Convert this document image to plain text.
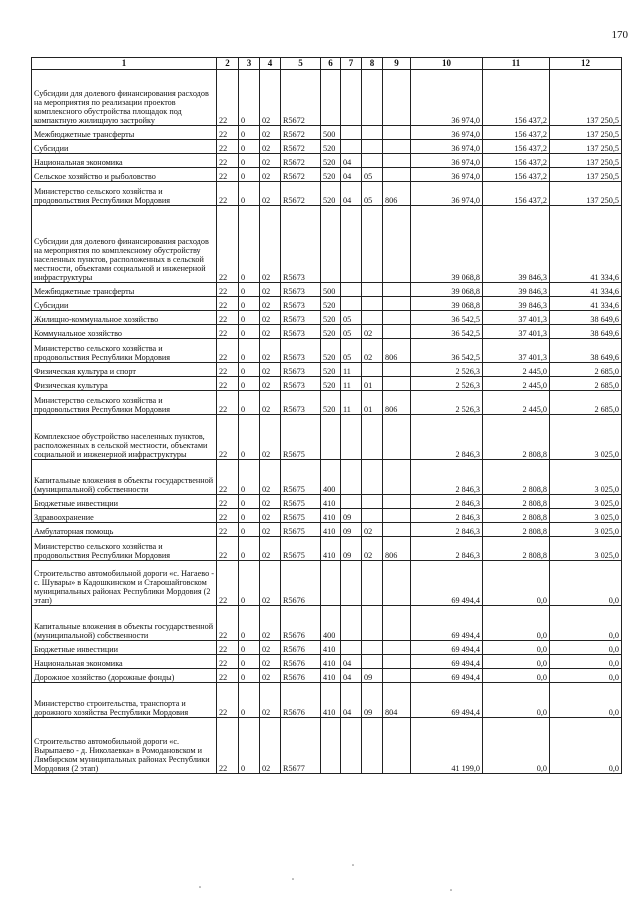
170
1	2	3	4	5	6	7	8	9	10	11	12
Субсидии для долевого финансирования расходов на мероприятия по реализации проектов комплексного обустройства площадок под компактную жилищную застройку	22	0	02	R5672					36 974,0	156 437,2	137 250,5
Межбюджетные трансферты	22	0	02	R5672	500				36 974,0	156 437,2	137 250,5
Субсидии	22	0	02	R5672	520				36 974,0	156 437,2	137 250,5
Национальная экономика	22	0	02	R5672	520	04			36 974,0	156 437,2	137 250,5
Сельское хозяйство и рыболовство	22	0	02	R5672	520	04	05		36 974,0	156 437,2	137 250,5
Министерство сельского хозяйства и продовольствия Республики Мордовия	22	0	02	R5672	520	04	05	806	36 974,0	156 437,2	137 250,5
Субсидии для долевого финансирования расходов на мероприятия по комплексному обустройству населенных пунктов, расположенных в сельской местности, объектами социальной и инженерной инфраструктуры	22	0	02	R5673					39 068,8	39 846,3	41 334,6
Межбюджетные трансферты	22	0	02	R5673	500				39 068,8	39 846,3	41 334,6
Субсидии	22	0	02	R5673	520				39 068,8	39 846,3	41 334,6
Жилищно-коммунальное хозяйство	22	0	02	R5673	520	05			36 542,5	37 401,3	38 649,6
Коммунальное хозяйство	22	0	02	R5673	520	05	02		36 542,5	37 401,3	38 649,6
Министерство сельского хозяйства и продовольствия Республики Мордовия	22	0	02	R5673	520	05	02	806	36 542,5	37 401,3	38 649,6
Физическая культура и спорт	22	0	02	R5673	520	11			2 526,3	2 445,0	2 685,0
Физическая культура	22	0	02	R5673	520	11	01		2 526,3	2 445,0	2 685,0
Министерство сельского хозяйства и продовольствия Республики Мордовия	22	0	02	R5673	520	11	01	806	2 526,3	2 445,0	2 685,0
Комплексное обустройство населенных пунктов, расположенных в сельской местности, объектами социальной и инженерной инфраструктуры	22	0	02	R5675					2 846,3	2 808,8	3 025,0
Капитальные вложения в объекты государственной (муниципальной) собственности	22	0	02	R5675	400				2 846,3	2 808,8	3 025,0
Бюджетные инвестиции	22	0	02	R5675	410				2 846,3	2 808,8	3 025,0
Здравоохранение	22	0	02	R5675	410	09			2 846,3	2 808,8	3 025,0
Амбулаторная помощь	22	0	02	R5675	410	09	02		2 846,3	2 808,8	3 025,0
Министерство сельского хозяйства и продовольствия Республики Мордовия	22	0	02	R5675	410	09	02	806	2 846,3	2 808,8	3 025,0
Строительство автомобильной дороги «с. Нагаево - с. Шувары» в Кадошкинском и Старошайговском муниципальных районах Республики Мордовия (2 этап)	22	0	02	R5676					69 494,4	0,0	0,0
Капитальные вложения в объекты государственной (муниципальной) собственности	22	0	02	R5676	400				69 494,4	0,0	0,0
Бюджетные инвестиции	22	0	02	R5676	410				69 494,4	0,0	0,0
Национальная экономика	22	0	02	R5676	410	04			69 494,4	0,0	0,0
Дорожное хозяйство (дорожные фонды)	22	0	02	R5676	410	04	09		69 494,4	0,0	0,0
Министерство строительства, транспорта и дорожного хозяйства Республики Мордовия	22	0	02	R5676	410	04	09	804	69 494,4	0,0	0,0
Строительство автомобильной дороги «с. Вырыпаево - д. Николаевка» в Ромодановском и Лямбирском муниципальных районах Республики Мордовия (2 этап)	22	0	02	R5677					41 199,0	0,0	0,0
